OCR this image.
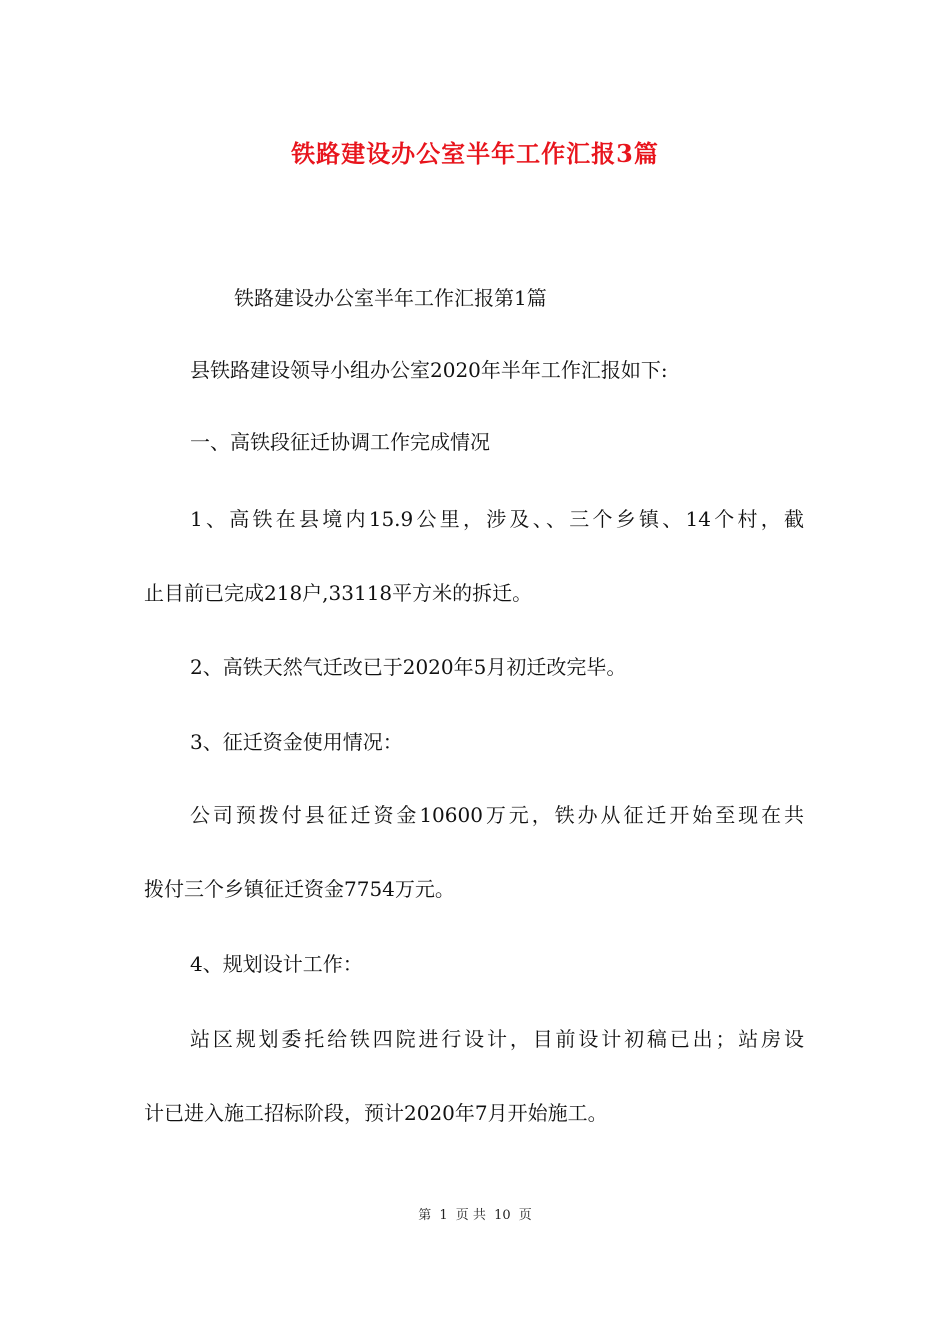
铁路建设办公室半年工作汇报3篇
铁路建设办公室半年工作汇报第1篇
县铁路建设领导小组办公室2020年半年工作汇报如下:
一、高铁段征迁协调工作完成情况
1、高铁在县境内15.9公里，涉及、、三个乡镇、14个村，截
止目前已完成218户,33118平方米的拆迁。
2、高铁天然气迁改已于2020年5月初迁改完毕。
3、征迁资金使用情况：
公司预拨付县征迁资金10600万元，铁办从征迁开始至现在共
拨付三个乡镇征迁资金7754万元。
4、规划设计工作：
站区规划委托给铁四院进行设计，目前设计初稿已出；站房设
计已进入施工招标阶段，预计2020年7月开始施工。
第 1 页 共 10 页
